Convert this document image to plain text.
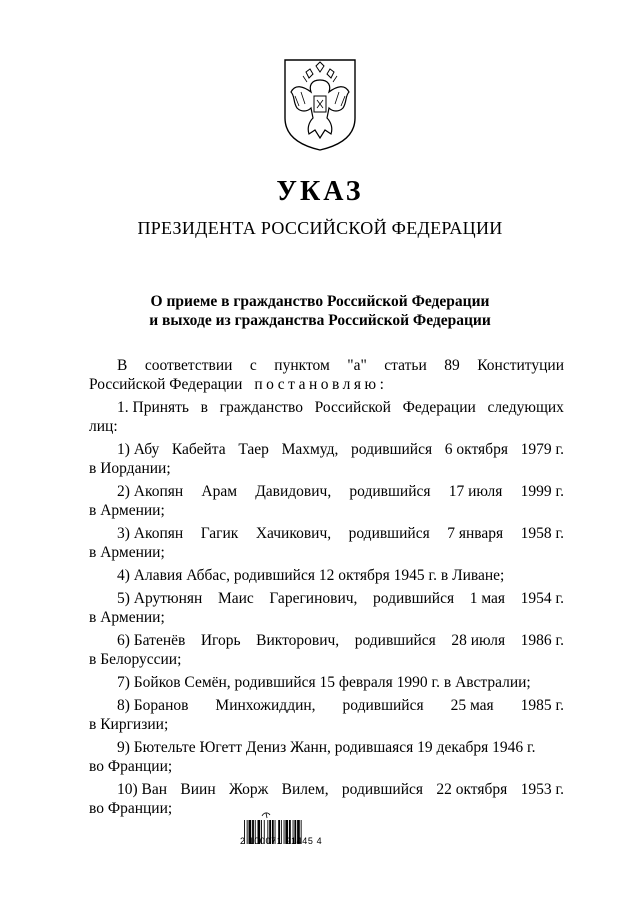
УКАЗ
ПРЕЗИДЕНТА РОССИЙСКОЙ ФЕДЕРАЦИИ
О приеме в гражданство Российской Федерации
и выходе из гражданства Российской Федерации
В соответствии с пунктом "а" статьи 89 Конституции
Российской Федерации постановляю:
1. Принять в гражданство Российской Федерации следующих
лиц:
1) Абу Кабейта Таер Махмуд, родившийся 6 октября 1979 г.
в Иордании;
2) Акопян Арам Давидович, родившийся 17 июля 1999 г.
в Армении;
3) Акопян Гагик Хачикович, родившийся 7 января 1958 г.
в Армении;
4) Алавия Аббас, родившийся 12 октября 1945 г. в Ливане;
5) Арутюнян Маис Гарегинович, родившийся 1 мая 1954 г.
в Армении;
6) Батенёв Игорь Викторович, родившийся 28 июля 1986 г.
в Белоруссии;
7) Бойков Семён, родившийся 15 февраля 1990 г. в Австралии;
8) Боранов Минхожиддин, родившийся 25 мая 1985 г.
в Киргизии;
9) Бютельте Югетт Дениз Жанн, родившаяся 19 декабря 1946 г.
во Франции;
10) Ван Виин Жорж Вилем, родившийся 22 октября 1953 г.
во Франции;
2 100071 91445 4
